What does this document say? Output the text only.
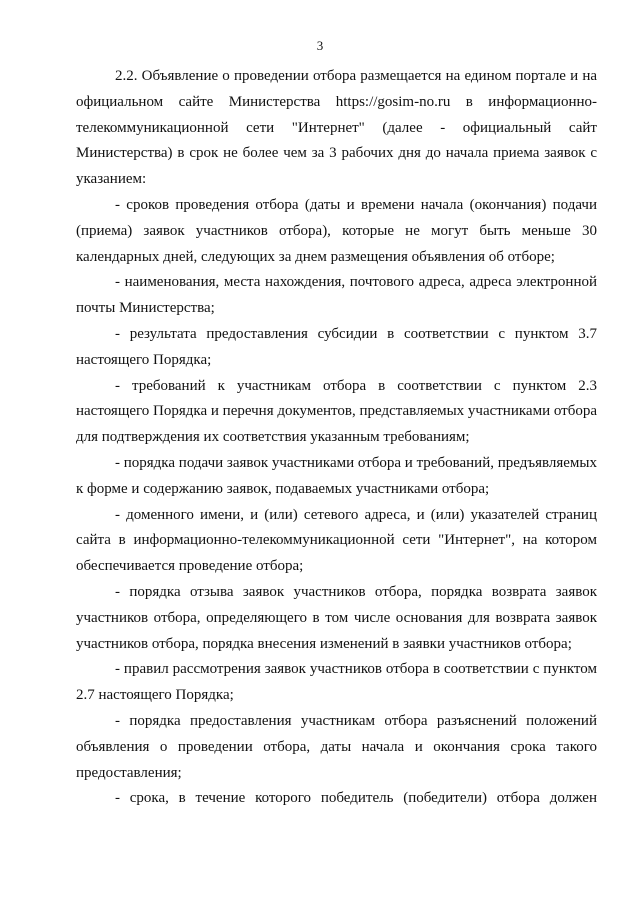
3

2.2. Объявление о проведении отбора размещается на едином портале и на официальном сайте Министерства https://gosim-no.ru в информационно-телекоммуникационной сети "Интернет" (далее - официальный сайт Министерства) в срок не более чем за 3 рабочих дня до начала приема заявок с указанием:

- сроков проведения отбора (даты и времени начала (окончания) подачи (приема) заявок участников отбора), которые не могут быть меньше 30 календарных дней, следующих за днем размещения объявления об отборе;

- наименования, места нахождения, почтового адреса, адреса электронной почты Министерства;

- результата предоставления субсидии в соответствии с пунктом 3.7 настоящего Порядка;

- требований к участникам отбора в соответствии с пунктом 2.3 настоящего Порядка и перечня документов, представляемых участниками отбора для подтверждения их соответствия указанным требованиям;

- порядка подачи заявок участниками отбора и требований, предъявляемых к форме и содержанию заявок, подаваемых участниками отбора;

- доменного имени, и (или) сетевого адреса, и (или) указателей страниц сайта в информационно-телекоммуникационной сети "Интернет", на котором обеспечивается проведение отбора;

- порядка отзыва заявок участников отбора, порядка возврата заявок участников отбора, определяющего в том числе основания для возврата заявок участников отбора, порядка внесения изменений в заявки участников отбора;

- правил рассмотрения заявок участников отбора в соответствии с пунктом 2.7 настоящего Порядка;

- порядка предоставления участникам отбора разъяснений положений объявления о проведении отбора, даты начала и окончания срока такого предоставления;

- срока, в течение которого победитель (победители) отбора должен
